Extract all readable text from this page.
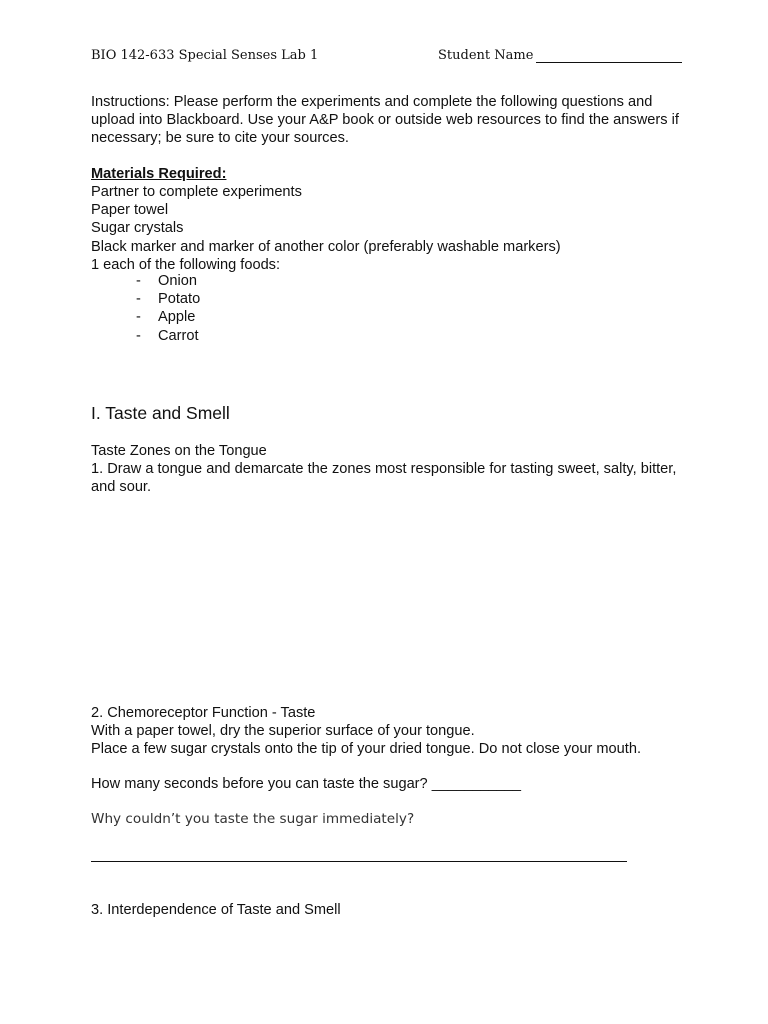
BIO 142-633 Special Senses Lab 1	Student Name
Instructions: Please perform the experiments and complete the following questions and upload into Blackboard. Use your A&P book or outside web resources to find the answers if necessary; be sure to cite your sources.
Materials Required:
Partner to complete experiments
Paper towel
Sugar crystals
Black marker and marker of another color (preferably washable markers)
1 each of the following foods:
-	Onion
-	Potato
-	Apple
-	Carrot
I. Taste and Smell
Taste Zones on the Tongue
1. Draw a tongue and demarcate the zones most responsible for tasting sweet, salty, bitter, and sour.
2. Chemoreceptor Function - Taste
With a paper towel, dry the superior surface of your tongue.
Place a few sugar crystals onto the tip of your dried tongue. Do not close your mouth.
How many seconds before you can taste the sugar? ___________
Why couldn’t you taste the sugar immediately?
3. Interdependence of Taste and Smell
